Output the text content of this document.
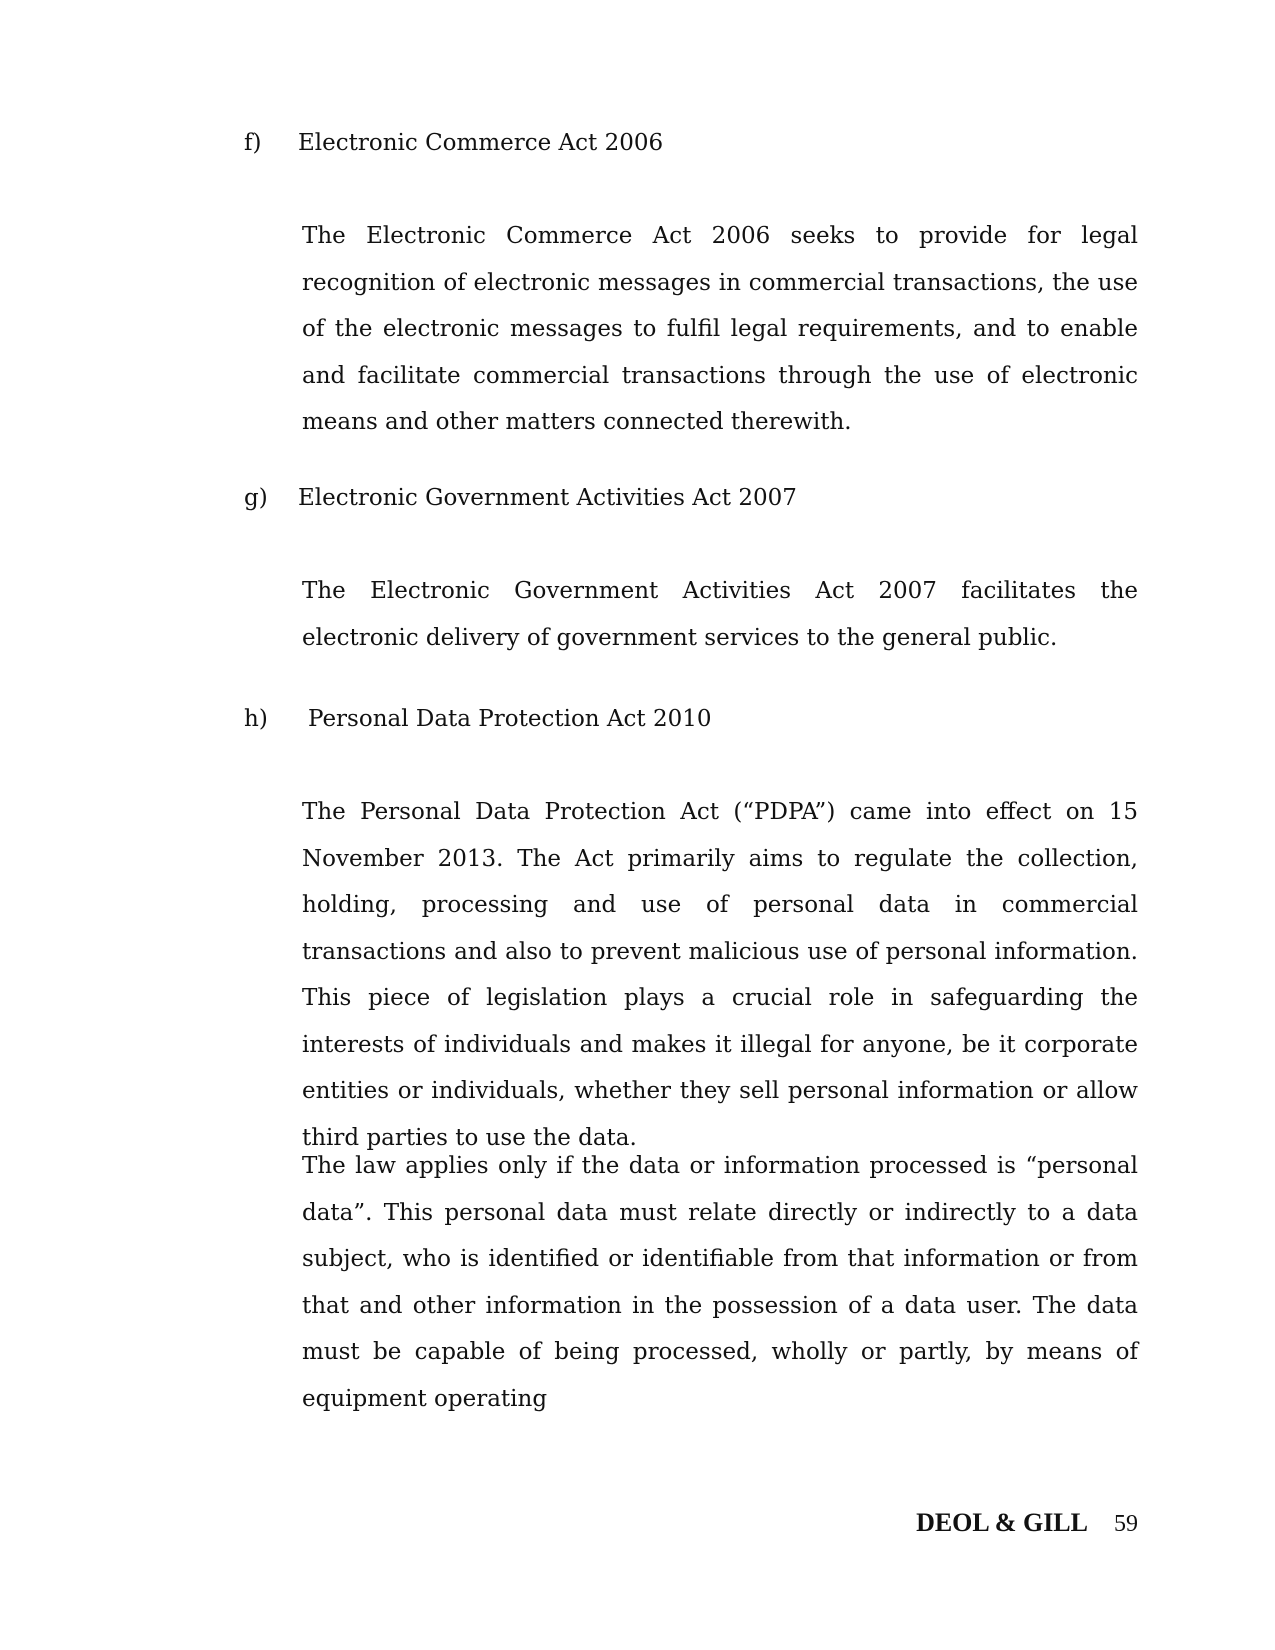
f) Electronic Commerce Act 2006

The Electronic Commerce Act 2006 seeks to provide for legal recognition of electronic messages in commercial transactions, the use of the electronic messages to fulfil legal requirements, and to enable and facilitate commercial transactions through the use of electronic means and other matters connected therewith.

g) Electronic Government Activities Act 2007

The Electronic Government Activities Act 2007 facilitates the electronic delivery of government services to the general public.

h) Personal Data Protection Act 2010

The Personal Data Protection Act (“PDPA”) came into effect on 15 November 2013. The Act primarily aims to regulate the collection, holding, processing and use of personal data in commercial transactions and also to prevent malicious use of personal information. This piece of legislation plays a crucial role in safeguarding the interests of individuals and makes it illegal for anyone, be it corporate entities or individuals, whether they sell personal information or allow third parties to use the data.

The law applies only if the data or information processed is “personal data”. This personal data must relate directly or indirectly to a data subject, who is identified or identifiable from that information or from that and other information in the possession of a data user. The data must be capable of being processed, wholly or partly, by means of equipment operating

DEOL & GILL 59
